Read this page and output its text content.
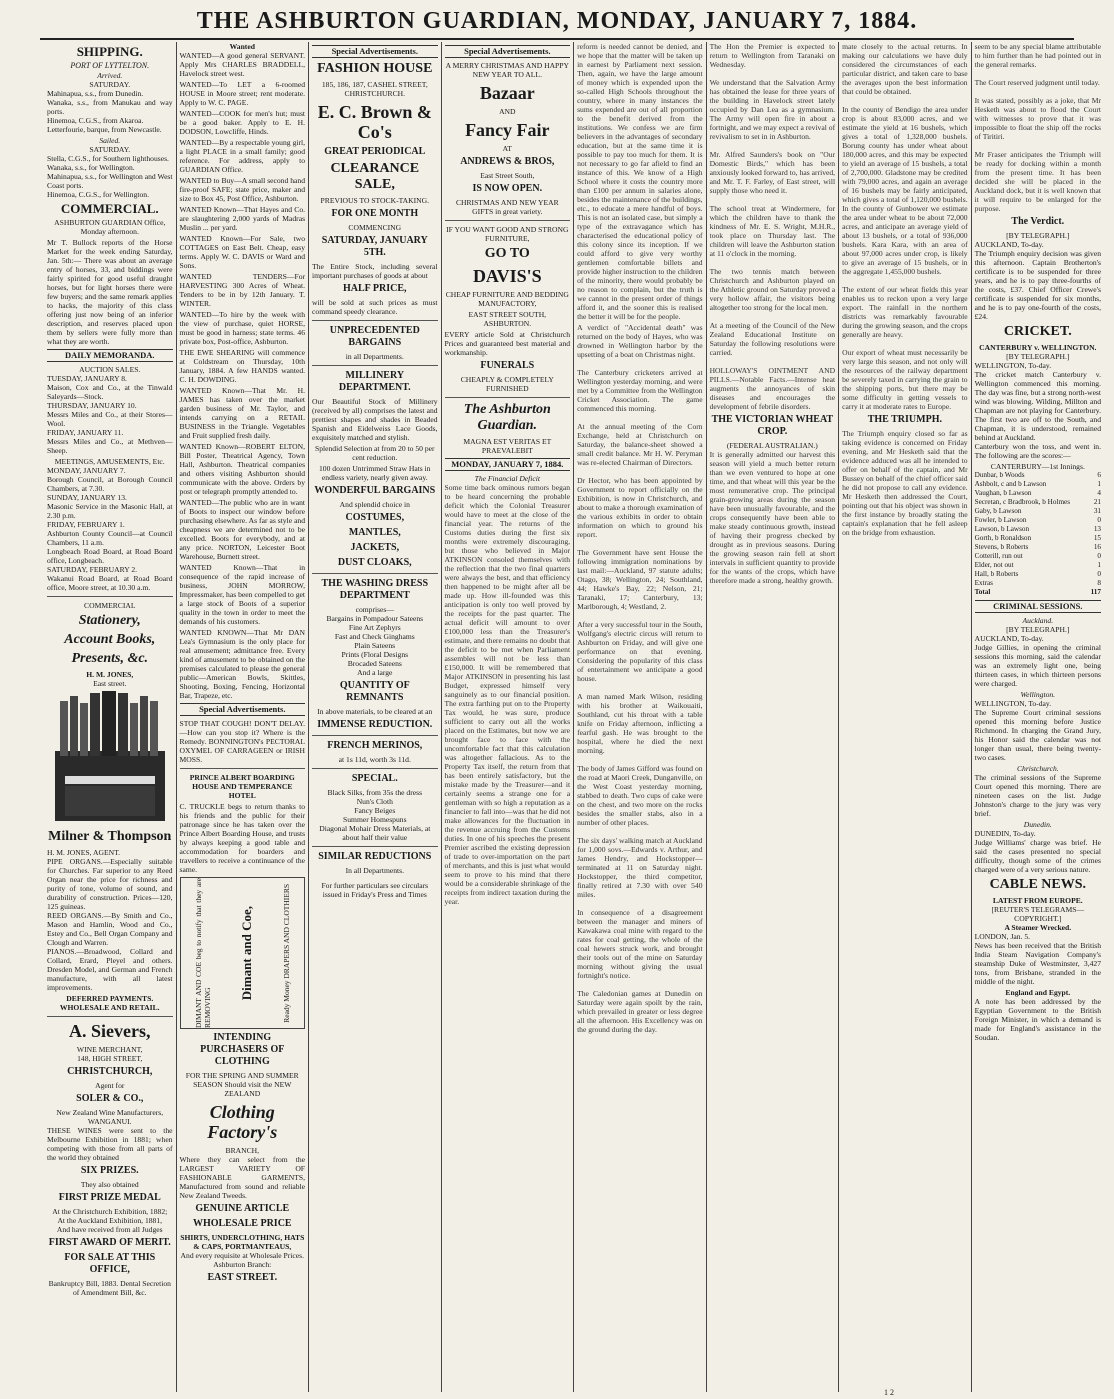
THE ASHBURTON GUARDIAN, MONDAY, JANUARY 7, 1884.
SHIPPING.
PORT OF LYTTELTON.
Arrived.
SATURDAY.
Mahinapua, s.s., from Dunedin.
Wanaka, s.s., from Manukau and way ports.
Hinemoa, C.G.S., from Akaroa.
Letterfourie, barque, from Newcastle.
Sailed.
SATURDAY.
Stella, C.G.S., for Southern lighthouses.
Wanaka, s.s., for Wellington.
Mahinapua, s.s., for Wellington and West Coast ports.
Hinemoa, C.G.S., for Wellington.
COMMERCIAL.
ASHBURTON GUARDIAN Office,
Monday afternoon.
Mr T. Bullock reports of the Horse Market for the week ending Saturday, Jan. 5th:— There was about an average entry of horses, 33, and biddings were fairly spirited for good useful draught horses, but for light horses there were few buyers; and the same remark applies to hacks, the majority of this class offering just now being of an inferior description, and reserves placed upon them by sellers were fully more than what they are worth.
DAILY MEMORANDA.
AUCTION SALES.
TUESDAY, JANUARY 8.
Maison, Cox and Co., at the Tinwald Saleyards—Stock.
THURSDAY, JANUARY 10.
Messrs Miles and Co., at their Stores—Wool.
FRIDAY, JANUARY 11.
Messrs Miles and Co., at Methven—Sheep.
MEETINGS, AMUSEMENTS, Etc.
MONDAY, JANUARY 7.
Borough Council, at Borough Council Chambers, at 7.30.
SUNDAY, JANUARY 13.
Masonic Service in the Masonic Hall, at 2.30 p.m.
FRIDAY, FEBRUARY 1.
Ashburton County Council—at Council Chambers, 11 a.m.
Longbeach Road Board, at Road Board office, Longbeach.
SATURDAY, FEBRUARY 2.
Wakanui Road Board, at Road Board office, Moore street, at 10.30 a.m.
COMMERCIAL
Stationery,
Account Books,
Presents, &c.
H. M. JONES,
East street.
Milner & Thompson
H. M. JONES, AGENT.
PIPE ORGANS.—Especially suitable for Churches. Far superior to any Reed Organ near the price for richness and purity of tone, volume of sound, and durability of construction. Prices—120, 125 guineas.
REED ORGANS.—By Smith and Co., Mason and Hamlin, Wood and Co., Estey and Co., Bell Organ Company and Clough and Warren.
PIANOS.—Broadwood, Collard and Collard, Erard, Pleyel and others. Dresden Model, and German and French manufacture, with all latest improvements.
DEFERRED PAYMENTS.
WHOLESALE AND RETAIL.
A. Sievers,
WINE MERCHANT,
148, HIGH STREET,
CHRISTCHURCH,
Agent for
SOLER & CO.,
New Zealand Wine Manufacturers,
WANGANUI.
THESE WINES were sent to the Melbourne Exhibition in 1881; when competing with those from all parts of the world they obtained
SIX PRIZES.
They also obtained
FIRST PRIZE MEDAL
At the Christchurch Exhibition, 1882;
At the Auckland Exhibition, 1881,
And have received from all Judges
FIRST AWARD OF MERIT.
FOR SALE AT THIS OFFICE,
Bankruptcy Bill, 1883. Dental Secretion of Amendment Bill, &c.
Wanted
WANTED—A good general SERVANT. Apply Mrs CHARLES BRADDELL, Havelock street west.
WANTED—To LET a 6-roomed HOUSE in Moore street; rent moderate. Apply to W. C. PAGE.
WANTED—COOK for men's hut; must be a good baker. Apply to E. H. DODSON, Lowcliffe, Hinds.
WANTED—By a respectable young girl, a light PLACE in a small family; good reference. For address, apply to GUARDIAN Office.
WANTED to Buy—A small second hand fire-proof SAFE; state price, maker and size to Box 45, Post Office, Ashburton.
WANTED Known—That Hayes and Co. are slaughtering 2,000 yards of Madras Muslin ... per yard.
WANTED Known—For Sale, two COTTAGES on East Belt. Cheap, easy terms. Apply W. C. DAVIS or Ward and Sons.
WANTED TENDERS—For HARVESTING 300 Acres of Wheat. Tenders to be in by 12th January. T. WINTER.
WANTED—To hire by the week with the view of purchase, quiet HORSE, must be good in harness; state terms. 46 private box, Post-office, Ashburton.
THE EWE SHEARING will commence at Coldstream on Thursday, 10th January, 1884. A few HANDS wanted. C. H. DOWDING.
WANTED Known—That Mr. H. JAMES has taken over the market garden business of Mr. Taylor, and intends carrying on a RETAIL BUSINESS in the Triangle. Vegetables and Fruit supplied fresh daily.
WANTED Known—ROBERT ELTON, Bill Poster, Theatrical Agency, Town Hall, Ashburton. Theatrical companies and others visiting Ashburton should communicate with the above. Orders by post or telegraph promptly attended to.
WANTED—The public who are in want of Boots to inspect our window before purchasing elsewhere. As far as style and cheapness we are determined not to be excelled. Boots for everybody, and at any price. NORTON, Leicester Boot Warehouse, Burnett street.
WANTED Known—That in consequence of the rapid increase of business, JOHN MORROW, Impressmaker, has been compelled to get a large stock of Boots of a superior quality in the town in order to meet the demands of his customers.
WANTED KNOWN—That Mr DAN Lea's Gymnasium is the only place for real amusement; admittance free. Every kind of amusement to be obtained on the premises calculated to please the general public—American Bowls, Skittles, Shooting, Boxing, Fencing, Horizontal Bar, Trapeze, etc.
Special Advertisements.
STOP THAT COUGH! DON'T DELAY.—How can you stop it? Where is the Remedy. BONNINGTON's PECTORAL OXYMEL OF CARRAGEEN or IRISH MOSS.
PRINCE ALBERT BOARDING HOUSE AND TEMPERANCE HOTEL
C. TRUCKLE begs to return thanks to his friends and the public for their patronage since he has taken over the Prince Albert Boarding House, and trusts by always keeping a good table and accommodation for boarders and travellers to receive a continuance of the same.
DIMANT AND COE beg to notify that they are REMOVING
Dimant and Coe,	Ready Money DRAPERS AND CLOTHIERS
INTENDING PURCHASERS OF CLOTHING
FOR THE SPRING AND SUMMER SEASON Should visit the NEW ZEALAND
Clothing Factory's
BRANCH,
Where they can select from the LARGEST VARIETY OF FASHIONABLE GARMENTS, Manufactured from sound and reliable New Zealand Tweeds.
GENUINE ARTICLE
WHOLESALE PRICE
SHIRTS, UNDERCLOTHING, HATS & CAPS, PORTMANTEAUS,
And every requisite at Wholesale Prices.
Ashburton Branch:
EAST STREET.
Special Advertisements.
FASHION HOUSE
185, 186, 187, CASHEL STREET,
CHRISTCHURCH.
E. C. Brown & Co's
GREAT PERIODICAL
CLEARANCE SALE,
PREVIOUS TO STOCK-TAKING.
FOR ONE MONTH
COMMENCING
SATURDAY, JANUARY 5TH.
The Entire Stock, including several important purchases of goods at about
HALF PRICE,
will be sold at such prices as must command speedy clearance.
UNPRECEDENTED BARGAINS
in all Departments.
MILLINERY DEPARTMENT.
Our Beautiful Stock of Millinery (received by all) comprises the latest and prettiest shapes and shades in Beaded Spanish and Eidelweiss Lace Goods, exquisitely matched and stylish.
Splendid Selection at from 20 to 50 per cent reduction.
100 dozen Untrimmed Straw Hats in endless variety, nearly given away.
WONDERFUL BARGAINS
And splendid choice in
COSTUMES,
MANTLES,
JACKETS,
DUST CLOAKS,
THE WASHING DRESS DEPARTMENT
comprises—
Bargains in Pompadour Sateens
Fine Art Zephyrs
Fast and Check Ginghams
Plain Sateens
Prints (Floral Designs
Brocaded Sateens
And a large
QUANTITY OF REMNANTS
In above materials, to be cleared at an
IMMENSE REDUCTION.
FRENCH MERINOS,
at 1s 11d, worth 3s 11d.
SPECIAL.
Black Silks, from 35s the dress
Nun's Cloth
Fancy Beiges
Summer Homespuns
Diagonal Mohair Dress Materials, at about half their value
SIMILAR REDUCTIONS
In all Departments.
For further particulars see circulars issued in Friday's Press and Times
Special Advertisements.
A MERRY CHRISTMAS AND HAPPY NEW YEAR TO ALL.
Bazaar
AND
Fancy Fair
AT
ANDREWS & BROS,
East Street South,
IS NOW OPEN.
CHRISTMAS AND NEW YEAR GIFTS in great variety.
IF YOU WANT GOOD AND STRONG FURNITURE,
GO TO
DAVIS'S
CHEAP FURNITURE AND BEDDING MANUFACTORY,
EAST STREET SOUTH, ASHBURTON.
EVERY article Sold at Christchurch Prices and guaranteed best material and workmanship.
FUNERALS
CHEAPLY & COMPLETELY FURNISHED
The Ashburton Guardian.
MAGNA EST VERITAS ET PRAEVALEBIT
MONDAY, JANUARY 7, 1884.
The Financial Deficit
Some time back ominous rumors began to be heard concerning the probable deficit which the Colonial Treasurer would have to meet at the close of the financial year. The returns of the Customs duties during the first six months were extremely discouraging, but those who believed in Major ATKINSON consoled themselves with the reflection that the two final quarters were always the best, and that efficiency then happened to be might after all be made up. How ill-founded was this anticipation is only too well proved by the receipts for the past quarter. The actual deficit will amount to over £100,000 less than the Treasurer's estimate, and there remains no doubt that the deficit to be met when Parliament assembles will not be less than £150,000. It will be remembered that Major ATKINSON in presenting his last Budget, expressed himself very sanguinely as to our financial position. The extra farthing put on to the Property Tax would, he was sure, produce sufficient to carry out all the works placed on the Estimates, but now we are brought face to face with the uncomfortable fact that this calculation was altogether fallacious. As to the Property Tax itself, the return from that has been entirely satisfactory, but the mistake made by the Treasurer—and it certainly seems a strange one for a gentleman with so high a reputation as a financier to fall into—was that he did not make allowances for the fluctuation in the revenue accruing from the Customs duties. In one of his speeches the present Premier ascribed the existing depression of trade to over-importation on the part of merchants, and this is just what would seem to prove to his mind that there would be a considerable shrinkage of the receipts from indirect taxation during the year.
reform is needed cannot be denied, and we hope that the matter will be taken up in earnest by Parliament next session. Then, again, we have the large amount of money which is expended upon the so-called High Schools throughout the country, where in many instances the sums expended are out of all proportion to the benefit derived from the institutions. We confess we are firm believers in the advantages of secondary education, but at the same time it is possible to pay too much for them. It is not necessary to go far afield to find an instance of this. We know of a High School where it costs the country more than £100 per annum in salaries alone, besides the maintenance of the buildings, etc., to educate a mere handful of boys. This is not an isolated case, but simply a type of the extravagance which has characterised the educational policy of this colony since its inception. If we could afford to give very worthy gentlemen comfortable billets and provide higher instruction to the children of the minority, there would probably be no reason to complain, but the truth is we cannot in the present order of things afford it, and the sooner this is realised the better it will be for the people.
A verdict of "Accidental death" was returned on the body of Hayes, who was drowned in Wellington harbor by the upsetting of a boat on Christmas night.

The Canterbury cricketers arrived at Wellington yesterday morning, and were met by a Committee from the Wellington Cricket Association. The game commenced this morning.

At the annual meeting of the Corn Exchange, held at Christchurch on Saturday, the balance-sheet showed a small credit balance. Mr H. W. Peryman was re-elected Chairman of Directors.

Dr Hector, who has been appointed by Government to report officially on the Exhibition, is now in Christchurch, and about to make a thorough examination of the various exhibits in order to obtain information on which to ground his report.

The Government have sent House the following immigration nominations by last mail:—Auckland, 97 statute adults; Otago, 38; Wellington, 24; Southland, 44; Hawke's Bay, 22; Nelson, 21; Taranaki, 17; Canterbury, 13; Marlborough, 4; Westland, 2.

After a very successful tour in the South, Wolfgang's electric circus will return to Ashburton on Friday, and will give one performance on that evening. Considering the popularity of this class of entertainment we anticipate a good house.

A man named Mark Wilson, residing with his brother at Waikouaiti, Southland, cut his throat with a table knife on Friday afternoon, inflicting a fearful gash. He was brought to the hospital, where he died the next morning.

The body of James Gifford was found on the road at Maori Creek, Dunganville, on the West Coast yesterday morning, stabbed to death. Two cups of cake were on the chest, and two more on the rocks besides the smaller stabs, also in a number of other places.

The six days' walking match at Auckland for 1,000 sovs.—Edwards v. Arthur, and James Hendry, and Hockstopper—terminated at 11 on Saturday night. Hockstopper, the third competitor, finally retired at 7.30 with over 540 miles.

In consequence of a disagreement between the manager and miners of Kawakawa coal mine with regard to the rates for coal getting, the whole of the coal hewers struck work, and brought their tools out of the mine on Saturday morning without giving the usual fortnight's notice.

The Caledonian games at Dunedin on Saturday were again spoilt by the rain, which prevailed in greater or less degree all the afternoon. His Excellency was on the ground during the day.
The Hon the Premier is expected to return to Wellington from Taranaki on Wednesday.

We understand that the Salvation Army has obtained the lease for three years of the building in Havelock street lately occupied by Dan Lea as a gymnasium. The Army will open fire in about a fortnight, and we may expect a revival of revivalism to set in in Ashburton.

Mr. Alfred Saunders's book on "Our Domestic Birds," which has been anxiously looked forward to, has arrived, and Mr. T. F. Farley, of East street, will supply those who need it.

The school treat at Windermere, for which the children have to thank the kindness of Mr. E. S. Wright, M.H.R., took place on Thursday last. The children will leave the Ashburton station at 11 o'clock in the morning.

The two tennis match between Christchurch and Ashburton played on the Athletic ground on Saturday proved a very hollow affair, the visitors being altogether too strong for the local men.

At a meeting of the Council of the New Zealand Educational Institute on Saturday the following resolutions were carried.

HOLLOWAY'S OINTMENT AND PILLS.—Notable Facts.—Intense heat augments the annoyances of skin diseases and encourages the development of febrile disorders.
THE VICTORIAN WHEAT CROP.
(FEDERAL AUSTRALIAN.)
It is generally admitted our harvest this season will yield a much better return than we even ventured to hope at one time, and that wheat will this year be the most remunerative crop. The principal grain-growing areas during the season have been unusually favourable, and the crops consequently have been able to make steady continuous growth, instead of having their progress checked by drought as in previous seasons. During the growing season rain fell at short intervals in sufficient quantity to provide for the wants of the crops, which have therefore made a strong, healthy growth.
mate closely to the actual returns. In making our calculations we have duly considered the circumstances of each particular district, and taken care to base the averages upon the best information that could be obtained.

In the county of Bendigo the area under crop is about 83,000 acres, and we estimate the yield at 16 bushels, which gives a total of 1,328,000 bushels. Borung county has under wheat about 180,000 acres, and this may be expected to yield an average of 15 bushels, a total of 2,700,000. Gladstone may be credited with 79,000 acres, and again an average of 16 bushels may be fairly anticipated, which gives a total of 1,120,000 bushels. In the county of Gunbower we estimate the area under wheat to be about 72,000 acres, and anticipate an average yield of about 13 bushels, or a total of 936,000 bushels. Kara Kara, with an area of about 97,000 acres under crop, is likely to give an average of 15 bushels, or in the aggregate 1,455,000 bushels.

The extent of our wheat fields this year enables us to reckon upon a very large export. The rainfall in the northern districts was remarkably favourable during the growing season, and the crops generally are heavy.

Our export of wheat must necessarily be very large this season, and not only will the resources of the railway department be severely taxed in carrying the grain to the shipping ports, but there may be some difficulty in getting vessels to carry it at moderate rates to Europe.
THE TRIUMPH.
The Triumph enquiry closed so far as taking evidence is concerned on Friday evening, and Mr Hesketh said that the evidence adduced was all he intended to offer on behalf of the captain, and Mr Bussey on behalf of the chief officer said he did not propose to call any evidence. Mr Hesketh then addressed the Court, pointing out that his object was shown in the first instance by broadly stating the captain's explanation that he fell asleep on the bridge from exhaustion.
seem to be any special blame attributable to him further than he had pointed out in the general remarks.

The Court reserved judgment until today.

It was stated, possibly as a joke, that Mr Hesketh was about to flood the Court with witnesses to prove that it was impossible to float the ship off the rocks of Tiritiri.

Mr Fraser anticipates the Triumph will be ready for docking within a month from the present time. It has been decided she will be placed in the Auckland dock, but it is well known that it will require to be enlarged for the purpose.
The Verdict.
[BY TELEGRAPH.]
AUCKLAND, To-day.
The Triumph enquiry decision was given this afternoon. Captain Brotherton's certificate is to be suspended for three years, and he is to pay three-fourths of the costs, £37. Chief Officer Crewe's certificate is suspended for six months, and he is to pay one-fourth of the costs, £24.
CRICKET.
CANTERBURY v. WELLINGTON.
[BY TELEGRAPH.]
WELLINGTON, To-day.
The cricket match Canterbury v. Wellington commenced this morning. The day was fine, but a strong north-west wind was blowing. Wilding, Millton and Chapman are not playing for Canterbury. The first two are off to the South, and Chapman, it is understood, remained behind at Auckland.
Canterbury won the toss, and went in. The following are the scores:—
CANTERBURY—1st Innings.
Dunbar, b Woods	6
Ashbolt, c and b Lawson	1
Vaughan, b Lawson	4
Secretan, c Bradbrook, b Holmes	21
Gaby, b Lawson	31
Fowler, b Lawson	0
Lawson, b Lawson	13
Gorth, b Ronaldson	15
Stevens, b Roberts	16
Cotterill, run out	0
Elder, not out	1
Hall, b Roberts	0
Extras	8
Total	117
CRIMINAL SESSIONS.
Auckland.
[BY TELEGRAPH.]
AUCKLAND, To-day.
Judge Gillies, in opening the criminal sessions this morning, said the calendar was an extremely light one, being thirteen cases, in which thirteen persons were charged.
Wellington.
WELLINGTON, To-day.
The Supreme Court criminal sessions opened this morning before Justice Richmond. In charging the Grand Jury, his Honor said the calendar was not longer than usual, there being twenty-two cases.
Christchurch.
The criminal sessions of the Supreme Court opened this morning. There are nineteen cases on the list. Judge Johnston's charge to the jury was very brief.
Dunedin.
DUNEDIN, To-day.
Judge Williams' charge was brief. He said the cases presented no special difficulty, though some of the crimes charged were of a very serious nature.
CABLE NEWS.
LATEST FROM EUROPE.
[REUTER'S TELEGRAMS—COPYRIGHT.]
A Steamer Wrecked.
LONDON, Jan. 5.
News has been received that the British India Steam Navigation Company's steamship Duke of Westminster, 3,427 tons, from Brisbane, stranded in the middle of the night.
England and Egypt.
A note has been addressed by the Egyptian Government to the British Foreign Minister, in which a demand is made for England's assistance in the Soudan.
1 2
